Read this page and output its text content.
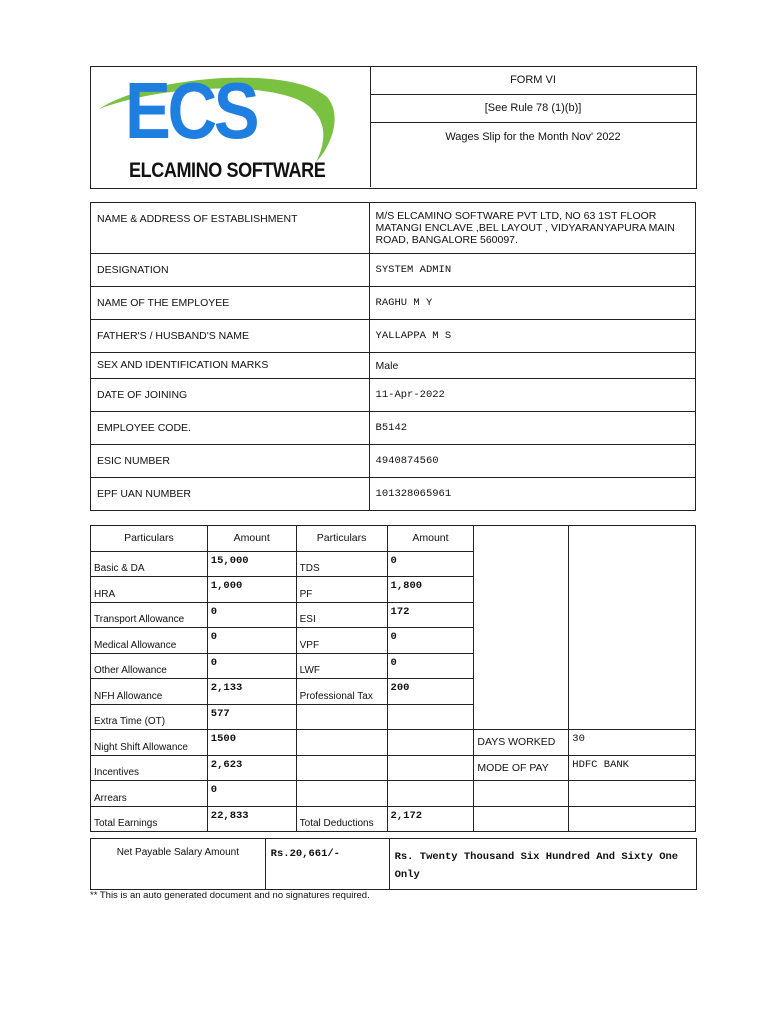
ECS
ELCAMINO SOFTWARE
FORM VI
[See Rule 78 (1)(b)]
Wages Slip for the Month Nov' 2022
NAME & ADDRESS OF ESTABLISHMENT	M/S ELCAMINO SOFTWARE PVT LTD, NO 63 1ST FLOOR MATANGI ENCLAVE ,BEL LAYOUT , VIDYARANYAPURA MAIN ROAD, BANGALORE 560097.
DESIGNATION	SYSTEM ADMIN
NAME OF THE EMPLOYEE	RAGHU M Y
FATHER'S / HUSBAND'S NAME	YALLAPPA M S
SEX AND IDENTIFICATION MARKS	Male
DATE OF JOINING	11-Apr-2022
EMPLOYEE CODE.	B5142
ESIC NUMBER	4940874560
EPF UAN NUMBER	101328065961
Particulars	Amount	Particulars	Amount		
Basic & DA	15,000	TDS	0		
HRA	1,000	PF	1,800		
Transport Allowance	0	ESI	172		
Medical Allowance	0	VPF	0		
Other Allowance	0	LWF	0		
NFH Allowance	2,133	Professional Tax	200		
Extra Time (OT)	577				
Night Shift Allowance	1500			DAYS WORKED	30
Incentives	2,623			MODE OF PAY	HDFC BANK
Arrears	0				
Total Earnings	22,833	Total Deductions	2,172		
Net Payable Salary Amount	Rs.20,661/-	Rs. Twenty Thousand Six Hundred And Sixty One Only
** This is an auto generated document and no signatures required.
